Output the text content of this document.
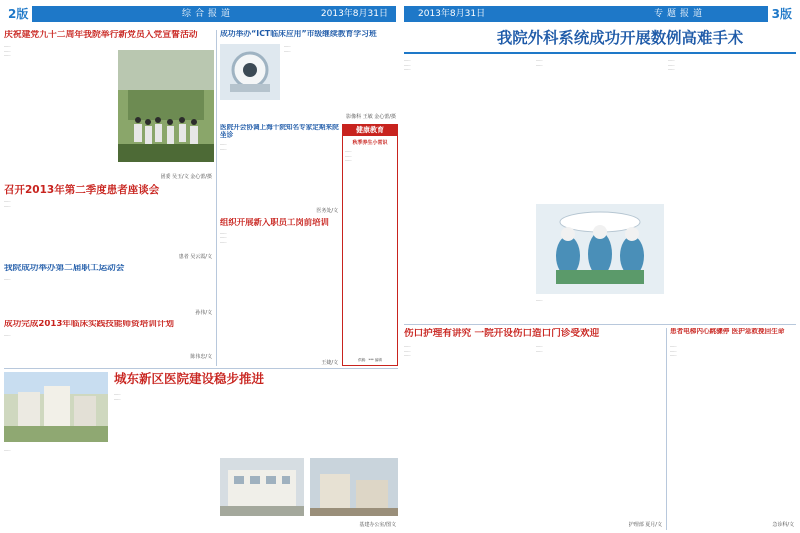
2版	综合报道	2013年8月31日
庆祝建党九十二周年我院举行新党员入党宣誓活动
……
……
……
团委 吴玉/文 金心蕾/摄
召开2013年第二季度患者座谈会
……
……
患者 吴云霞/文
我院成功举办第二届职工运动会
……
孙伟/文
成功完成2013年临床实践技能师资培训计划
……
陈伟忠/文
成功举办“ICT临床应用”市级继续教育学习班
……
……
影像科 王敏 金心蕾/摄
医院开会协调上海十院知名专家定期来院坐诊
……
……
医务处/文
组织开展新入职员工岗前培训
……
……
……
王婕/文
健康教育
秋季养生小常识
……
……
……
供稿：*** 编辑
城东新区医院建设稳步推进
……
……
……
基建办公室/图文
2013年8月31日	专题报道	3版
我院外科系统成功开展数例高难手术
……
……
……
……
……
……
……
……
……
伤口护理有讲究 一院开设伤口造口门诊受欢迎
……
……
……
……
……
护理部 夏月/文
患者电梯内心跳骤停 医护急救挽回生命
……
……
……
急诊科/文
